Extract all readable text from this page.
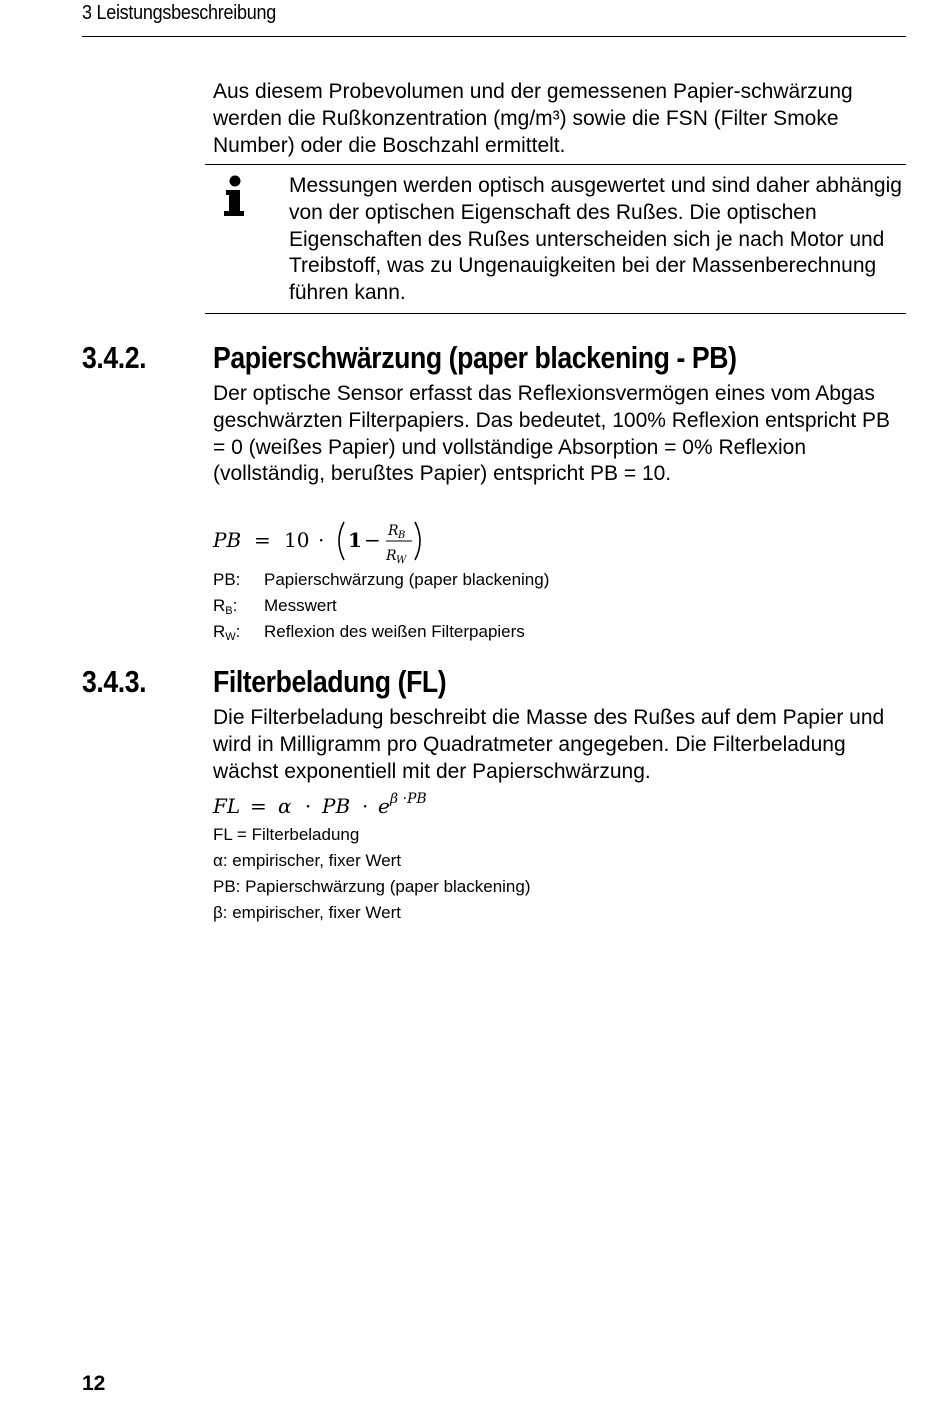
3 Leistungsbeschreibung
Aus diesem Probevolumen und der gemessenen Papier-schwärzung werden die Rußkonzentration (mg/m³) sowie die FSN (Filter Smoke Number) oder die Boschzahl ermittelt.
Messungen werden optisch ausgewertet und sind daher abhängig von der optischen Eigenschaft des Rußes. Die optischen Eigenschaften des Rußes unterscheiden sich je nach Motor und Treibstoff, was zu Ungenauigkeiten bei der Massenberechnung führen kann.
3.4.2. Papierschwärzung (paper blackening - PB)
Der optische Sensor erfasst das Reflexionsvermögen eines vom Abgas geschwärzten Filterpapiers. Das bedeutet, 100% Reflexion entspricht PB = 0 (weißes Papier) und vollständige Absorption = 0% Reflexion (vollständig, berußtes Papier) entspricht PB = 10.
PB = 10 · 1 − R B
R W
PB: Papierschwärzung (paper blackening)
$R_B$: Messwert
$R_W$: Reflexion des weißen Filterpapiers
3.4.3. Filterbeladung (FL)
Die Filterbeladung beschreibt die Masse des Rußes auf dem Papier und wird in Milligramm pro Quadratmeter angegeben. Die Filterbeladung wächst exponentiell mit der Papierschwärzung.
FL = α · PB · e β ·PB
FL = Filterbeladung
α: empirischer, fixer Wert
PB: Papierschwärzung (paper blackening)
β: empirischer, fixer Wert
12
